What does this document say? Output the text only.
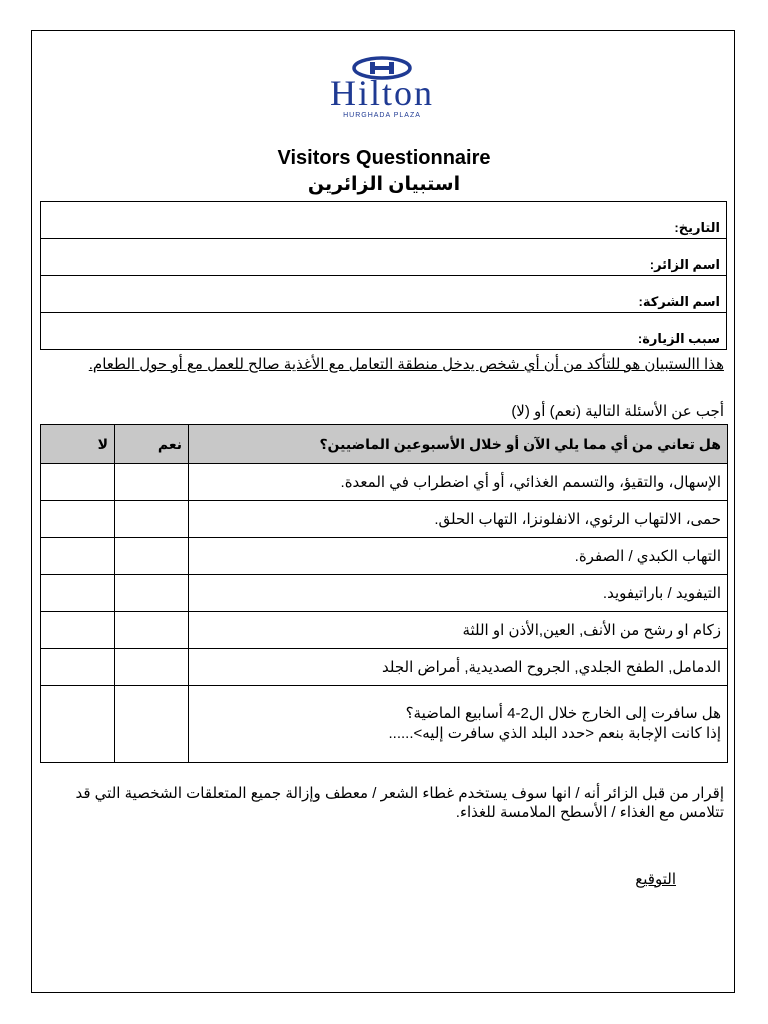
Hilton
HURGHADA PLAZA
Visitors Questionnaire
استبيان الزائرين
التاريخ:
اسم الزائر:
اسم الشركة:
سبب الزيارة:
هذا االستبيان هو للتأكد من أن أي شخص يدخل منطقة التعامل مع الأغذية صالح للعمل مع أو حول الطعام.
أجب عن الأسئلة التالية (نعم) أو (لا)
هل تعاني من أي مما يلي الآن أو خلال الأسبوعين الماضيين؟	نعم	لا
الإسهال، والتقيؤ، والتسمم الغذائي، أو أي اضطراب في المعدة.		
حمى، الالتهاب الرئوي، الانفلونزا، التهاب الحلق.		
التهاب الكبدي / الصفرة.		
التيفويد / باراتيفويد.		
زكام او رشح من الأنف, العين,الأذن او اللثة		
الدمامل, الطفح الجلدي, الجروح الصديدية, أمراض الجلد		

هل سافرت إلى الخارج خلال ال2-4 أسابيع الماضية؟
إذا كانت الإجابة بنعم <حدد البلد الذي سافرت إليه>......		

إقرار من قبل الزائر أنه / انها سوف يستخدم غطاء الشعر / معطف وإزالة جميع المتعلقات الشخصية التي قد تتلامس مع الغذاء / الأسطح الملامسة للغذاء.
التوقيع
